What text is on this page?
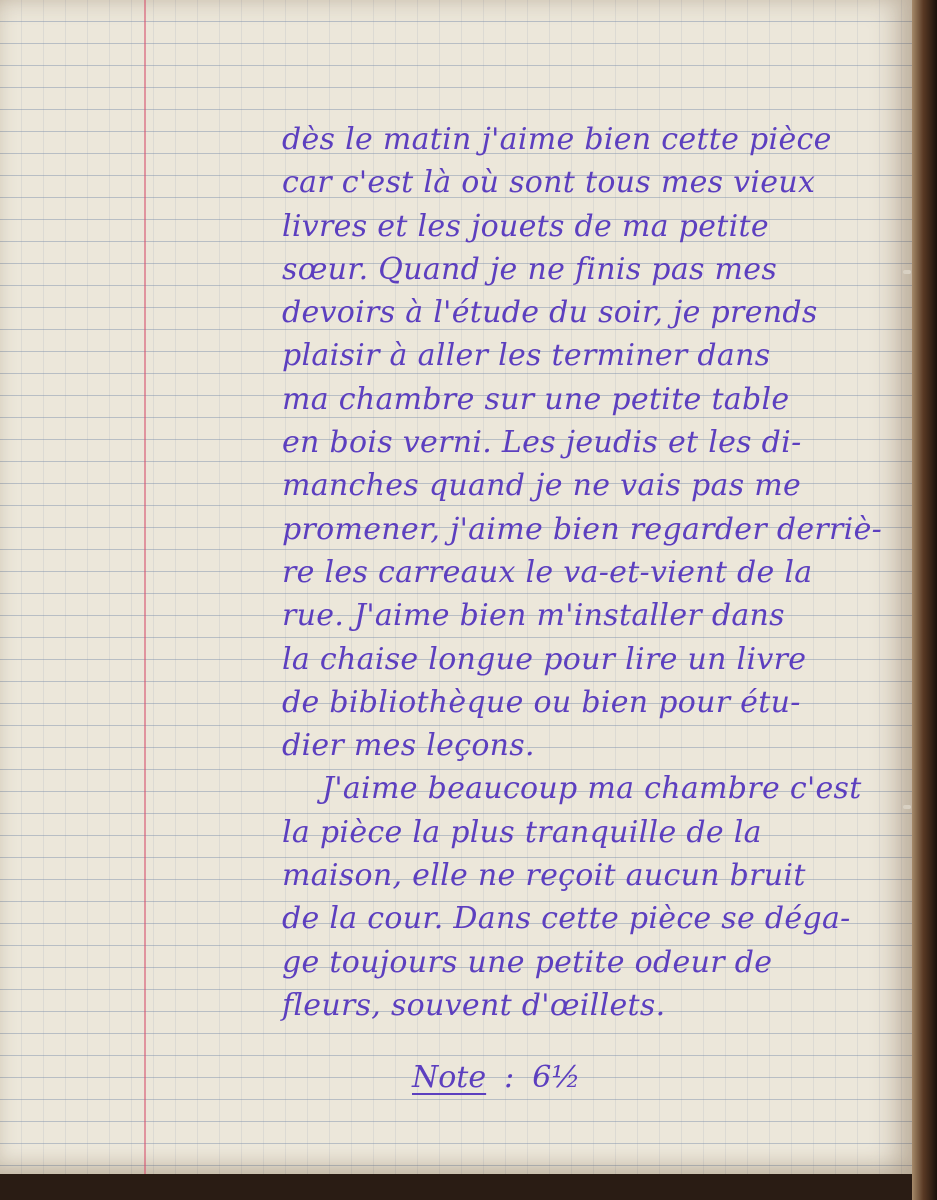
dès le matin j'aime bien cette pièce
car c'est là où sont tous mes vieux
livres et les jouets de ma petite
sœur. Quand je ne finis pas mes
devoirs à l'étude du soir, je prends
plaisir à aller les terminer dans
ma chambre sur une petite table
en bois verni. Les jeudis et les di-
manches quand je ne vais pas me
promener, j'aime bien regarder derriè-
re les carreaux le va-et-vient de la
rue. J'aime bien m'installer dans
la chaise longue pour lire un livre
de bibliothèque ou bien pour étu-
dier mes leçons.
J'aime beaucoup ma chambre c'est
la pièce la plus tranquille de la
maison, elle ne reçoit aucun bruit
de la cour. Dans cette pièce se déga-
ge toujours une petite odeur de
fleurs, souvent d'œillets.
Note : 6½
